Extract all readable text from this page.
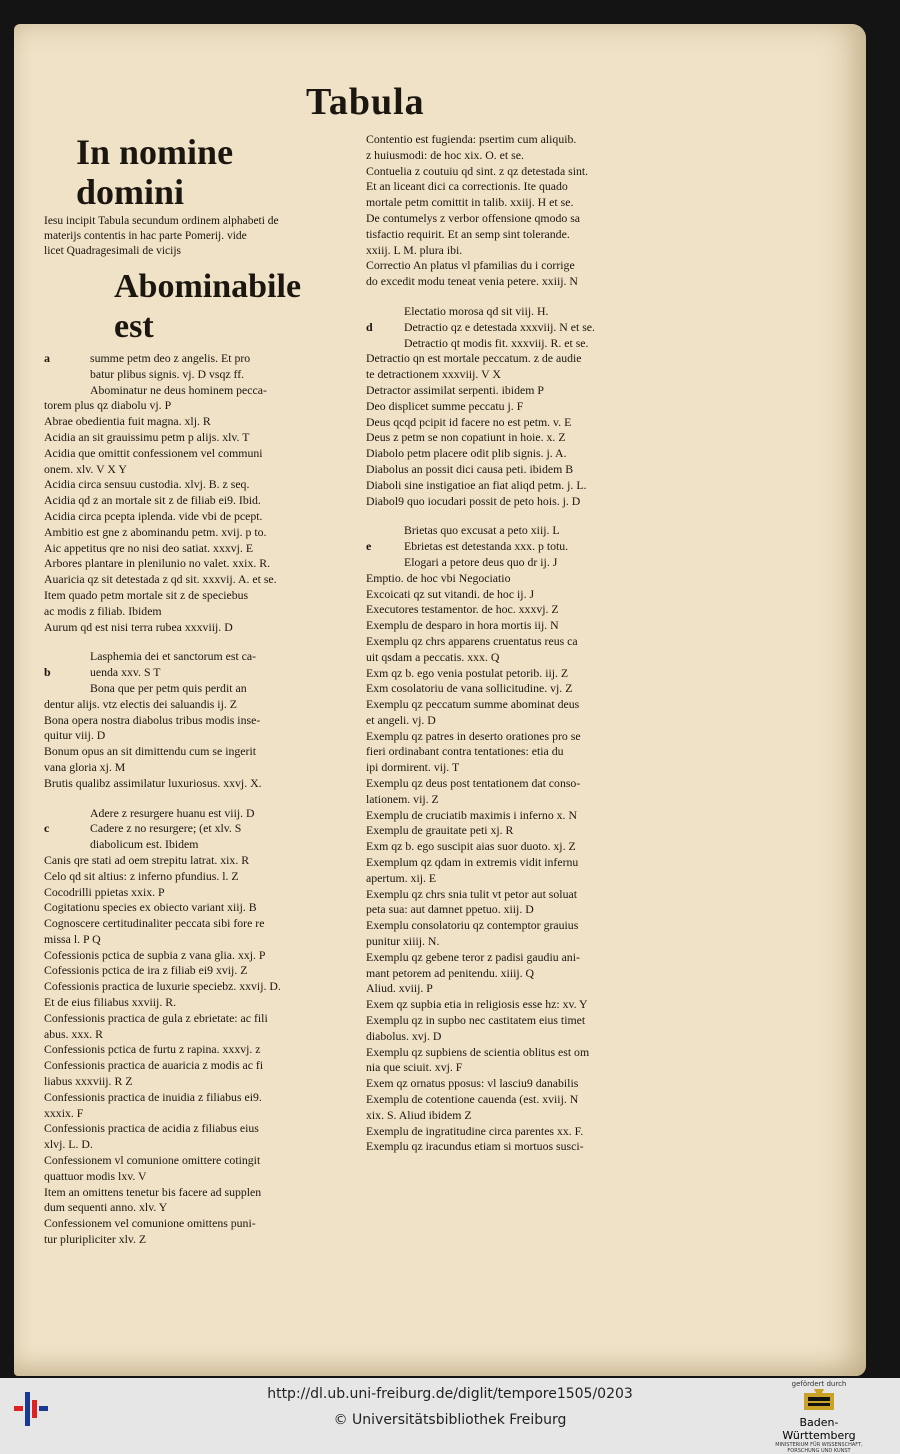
Tabula
In nomine domini
Iesu incipit Tabula secundum ordinem alphabeti de
materijs contentis in hac parte Pomerij. vide
licet Quadragesimali de vicijs
Abominabile est
a	summe petm deo z angelis. Et pro
batur plibus signis. vj. D vsqz ff.
Abominatur ne deus hominem pecca-
torem plus qz diabolu vj. P
Abrae obedientia fuit magna. xlj. R
Acidia an sit grauissimu petm p alijs. xlv. T
Acidia que omittit confessionem vel communi
onem. xlv. V X Y
Acidia circa sensuu custodia. xlvj. B. z seq.
Acidia qd z an mortale sit z de filiab ei9. Ibid.
Acidia circa pcepta iplenda. vide vbi de pcept.
Ambitio est gne z abominandu petm. xvij. p to.
Aic appetitus qre no nisi deo satiat. xxxvj. E
Arbores plantare in plenilunio no valet. xxix. R.
Auaricia qz sit detestada z qd sit. xxxvij. A. et se.
Item quado petm mortale sit z de speciebus
ac modis z filiab. Ibidem
Aurum qd est nisi terra rubea xxxviij. D
Lasphemia dei et sanctorum est ca-
b	uenda xxv. S T
Bona que per petm quis perdit an
dentur alijs. vtz electis dei saluandis ij. Z
Bona opera nostra diabolus tribus modis inse-
quitur viij. D
Bonum opus an sit dimittendu cum se ingerit
vana gloria xj. M
Brutis qualibz assimilatur luxuriosus. xxvj. X.
Adere z resurgere huanu est viij. D
c	Cadere z no resurgere; (et xlv. S
diabolicum est. Ibidem
Canis qre stati ad oem strepitu latrat. xix. R
Celo qd sit altius: z inferno pfundius. l. Z
Cocodrilli ppietas xxix. P
Cogitationu species ex obiecto variant xiij. B
Cognoscere certitudinaliter peccata sibi fore re
missa l. P Q
Cofessionis pctica de supbia z vana glia. xxj. P
Cofessionis pctica de ira z filiab ei9 xvij. Z
Cofessionis practica de luxurie speciebz. xxvij. D.
Et de eius filiabus xxviij. R.
Confessionis practica de gula z ebrietate: ac fili
abus. xxx. R
Confessionis pctica de furtu z rapina. xxxvj. z
Confessionis practica de auaricia z modis ac fi
liabus xxxviij. R Z
Confessionis practica de inuidia z filiabus ei9.
xxxix. F
Confessionis practica de acidia z filiabus eius
xlvj. L. D.
Confessionem vl comunione omittere cotingit
quattuor modis lxv. V
Item an omittens tenetur bis facere ad supplen
dum sequenti anno. xlv. Y
Confessionem vel comunione omittens puni-
tur pluripliciter xlv. Z
Contentio est fugienda: psertim cum aliquib.
z huiusmodi: de hoc xix. O. et se.
Contuelia z coutuiu qd sint. z qz detestada sint.
Et an liceant dici ca correctionis. Ite quado
mortale petm comittit in talib. xxiij. H et se.
De contumelys z verbor offensione qmodo sa
tisfactio requirit. Et an semp sint tolerande.
xxiij. L M. plura ibi.
Correctio An platus vl pfamilias du i corrige
do excedit modu teneat venia petere. xxiij. N
Electatio morosa qd sit viij. H.
d	Detractio qz e detestada xxxviij. N et se.
Detractio qt modis fit. xxxviij. R. et se.
Detractio qn est mortale peccatum. z de audie
te detractionem xxxviij. V X
Detractor assimilat serpenti. ibidem P
Deo displicet summe peccatu j. F
Deus qcqd pcipit id facere no est petm. v. E
Deus z petm se non copatiunt in hoie. x. Z
Diabolo petm placere odit plib signis. j. A.
Diabolus an possit dici causa peti. ibidem B
Diaboli sine instigatioe an fiat aliqd petm. j. L.
Diabol9 quo iocudari possit de peto hois. j. D
Brietas quo excusat a peto xiij. L
e	Ebrietas est detestanda xxx. p totu.
Elogari a petore deus quo dr ij. J
Emptio. de hoc vbi Negociatio
Excoicati qz sut vitandi. de hoc ij. J
Executores testamentor. de hoc. xxxvj. Z
Exemplu de desparo in hora mortis iij. N
Exemplu qz chrs apparens cruentatus reus ca
uit qsdam a peccatis. xxx. Q
Exm qz b. ego venia postulat petorib. iij. Z
Exm cosolatoriu de vana sollicitudine. vj. Z
Exemplu qz peccatum summe abominat deus
et angeli. vj. D
Exemplu qz patres in deserto orationes pro se
fieri ordinabant contra tentationes: etia du
ipi dormirent. vij. T
Exemplu qz deus post tentationem dat conso-
lationem. vij. Z
Exemplu de cruciatib maximis i inferno x. N
Exemplu de grauitate peti xj. R
Exm qz b. ego suscipit aias suor duoto. xj. Z
Exemplum qz qdam in extremis vidit infernu
apertum. xij. E
Exemplu qz chrs snia tulit vt petor aut soluat
peta sua: aut damnet ppetuo. xiij. D
Exemplu consolatoriu qz contemptor grauius
punitur xiiij. N.
Exemplu qz gebene teror z padisi gaudiu ani-
mant petorem ad penitendu. xiiij. Q
Aliud. xviij. P
Exem qz supbia etia in religiosis esse hz: xv. Y
Exemplu qz in supbo nec castitatem eius timet
diabolus. xvj. D
Exemplu qz supbiens de scientia oblitus est om
nia que sciuit. xvj. F
Exem qz ornatus pposus: vl lasciu9 danabilis
Exemplu de cotentione cauenda (est. xviij. N
xix. S. Aliud ibidem Z
Exemplu de ingratitudine circa parentes xx. F.
Exemplu qz iracundus etiam si mortuos susci-
http://dl.ub.uni-freiburg.de/diglit/tempore1505/0203
© Universitätsbibliothek Freiburg
gefördert durch
Baden-Württemberg
MINISTERIUM FÜR WISSENSCHAFT, FORSCHUNG UND KUNST
